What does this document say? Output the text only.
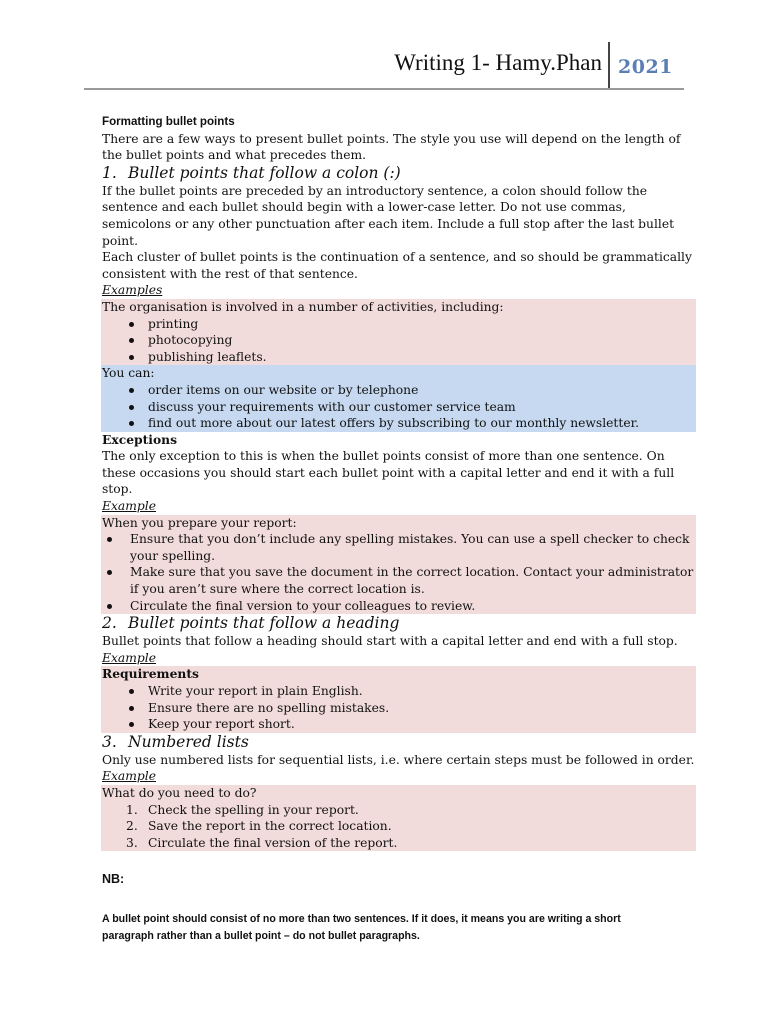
Writing 1- Hamy.Phan 2021

Formatting bullet points

There are a few ways to present bullet points. The style you use will depend on the length of the bullet points and what precedes them.

1. Bullet points that follow a colon (:)

If the bullet points are preceded by an introductory sentence, a colon should follow the sentence and each bullet should begin with a lower-case letter. Do not use commas, semicolons or any other punctuation after each item. Include a full stop after the last bullet point.

Each cluster of bullet points is the continuation of a sentence, and so should be grammatically consistent with the rest of that sentence.

Examples

The organisation is involved in a number of activities, including:

printing
photocopying
publishing leaflets.

You can:

order items on our website or by telephone
discuss your requirements with our customer service team
find out more about our latest offers by subscribing to our monthly newsletter.

Exceptions

The only exception to this is when the bullet points consist of more than one sentence. On these occasions you should start each bullet point with a capital letter and end it with a full stop.

Example

When you prepare your report:

Ensure that you don’t include any spelling mistakes. You can use a spell checker to check your spelling.
Make sure that you save the document in the correct location. Contact your administrator if you aren’t sure where the correct location is.
Circulate the final version to your colleagues to review.

2. Bullet points that follow a heading

Bullet points that follow a heading should start with a capital letter and end with a full stop.

Example

Requirements

Write your report in plain English.
Ensure there are no spelling mistakes.
Keep your report short.

3. Numbered lists

Only use numbered lists for sequential lists, i.e. where certain steps must be followed in order.

Example

What do you need to do?

1. Check the spelling in your report.
2. Save the report in the correct location.
3. Circulate the final version of the report.

NB:

A bullet point should consist of no more than two sentences. If it does, it means you are writing a short paragraph rather than a bullet point – do not bullet paragraphs.
